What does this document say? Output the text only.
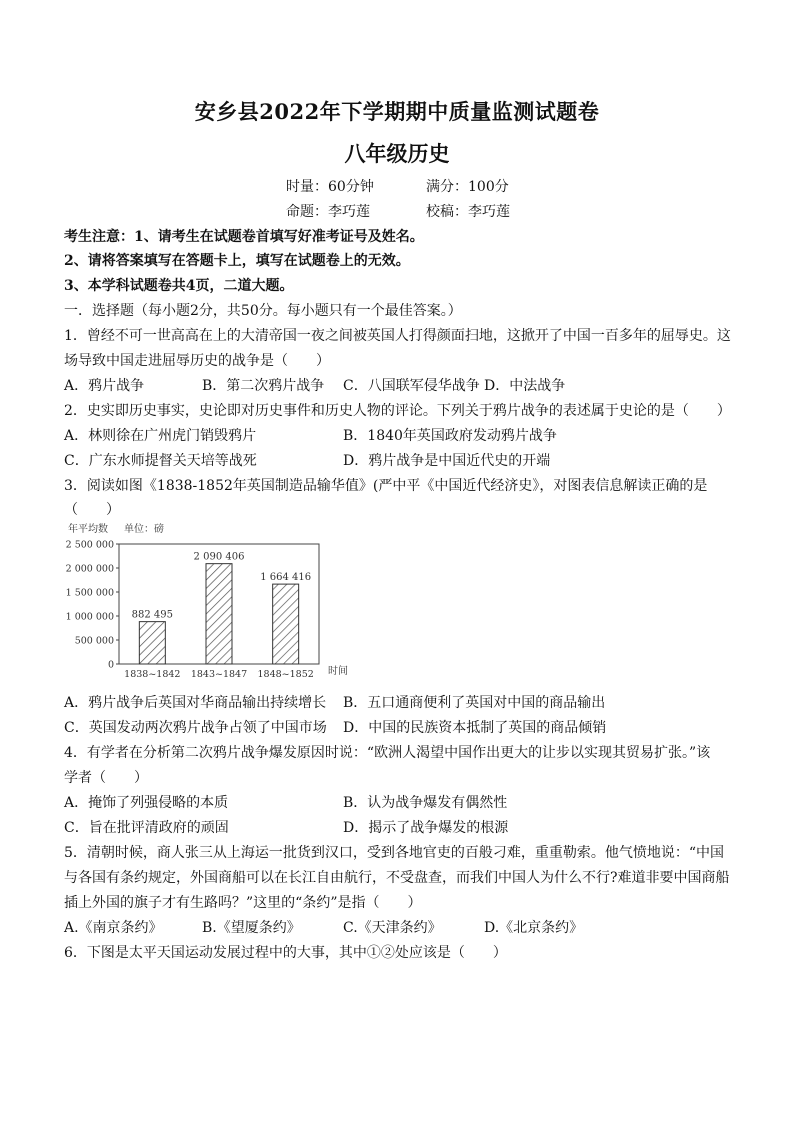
安乡县2022年下学期期中质量监测试题卷
八年级历史
时量：60分钟	满分：100分
命题：李巧莲	校稿：李巧莲
考生注意：1、请考生在试题卷首填写好准考证号及姓名。
2、请将答案填写在答题卡上，填写在试题卷上的无效。
3、本学科试题卷共4页，二道大题。
一．选择题（每小题2分，共50分。每小题只有一个最佳答案。）
1．曾经不可一世高高在上的大清帝国一夜之间被英国人打得颜面扫地，这掀开了中国一百多年的屈辱史。这
场导致中国走进屈辱历史的战争是（　　）
A．鸦片战争	B．第二次鸦片战争 C．八国联军侵华战争 D．中法战争
2．史实即历史事实，史论即对历史事件和历史人物的评论。下列关于鸦片战争的表述属于史论的是（　　）
A．林则徐在广州虎门销毁鸦片	B．1840年英国政府发动鸦片战争
C．广东水师提督关天培等战死	D．鸦片战争是中国近代史的开端
3．阅读如图《1838-1852年英国制造品输华值》(严中平《中国近代经济史》，对图表信息解读正确的是
（　　）
年平均数 单位：磅
0
500 000
1 000 000
1 500 000
2 000 000
2 500 000
882 495
2 090 406
1 664 416
1838~1842 1843~1847 1848~1852 时间
A．鸦片战争后英国对华商品输出持续增长 B．五口通商便利了英国对中国的商品输出
C．英国发动两次鸦片战争占领了中国市场 D．中国的民族资本抵制了英国的商品倾销
4．有学者在分析第二次鸦片战争爆发原因时说：“欧洲人渴望中国作出更大的让步以实现其贸易扩张。”该
学者（　　）
A．掩饰了列强侵略的本质	B．认为战争爆发有偶然性
C．旨在批评清政府的顽固	D．揭示了战争爆发的根源
5．清朝时候，商人张三从上海运一批货到汉口，受到各地官吏的百般刁难，重重勒索。他气愤地说：“中国
与各国有条约规定，外国商船可以在长江自由航行，不受盘查，而我们中国人为什么不行?难道非要中国商船
插上外国的旗子才有生路吗？”这里的“条约”是指（　　）
A.《南京条约》	B.《望厦条约》	C.《天津条约》	D.《北京条约》
6．下图是太平天国运动发展过程中的大事，其中①②处应该是（　　）
